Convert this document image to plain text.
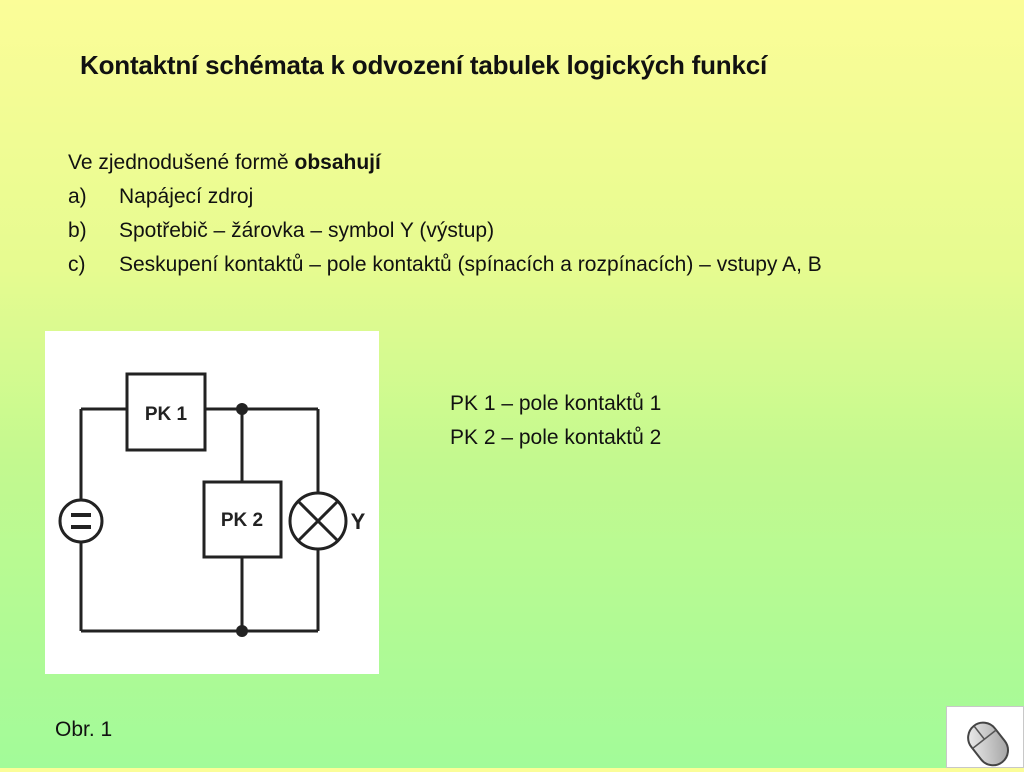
Kontaktní schémata k odvození tabulek logických funkcí
Ve zjednodušené formě obsahují
a)	Napájecí zdroj
b)	Spotřebič – žárovka – symbol Y (výstup)
c)	Seskupení kontaktů – pole kontaktů (spínacích a rozpínacích) – vstupy A, B
PK 1
PK 2	Y
PK 1 – pole kontaktů 1
PK 2 – pole kontaktů 2
Obr. 1
